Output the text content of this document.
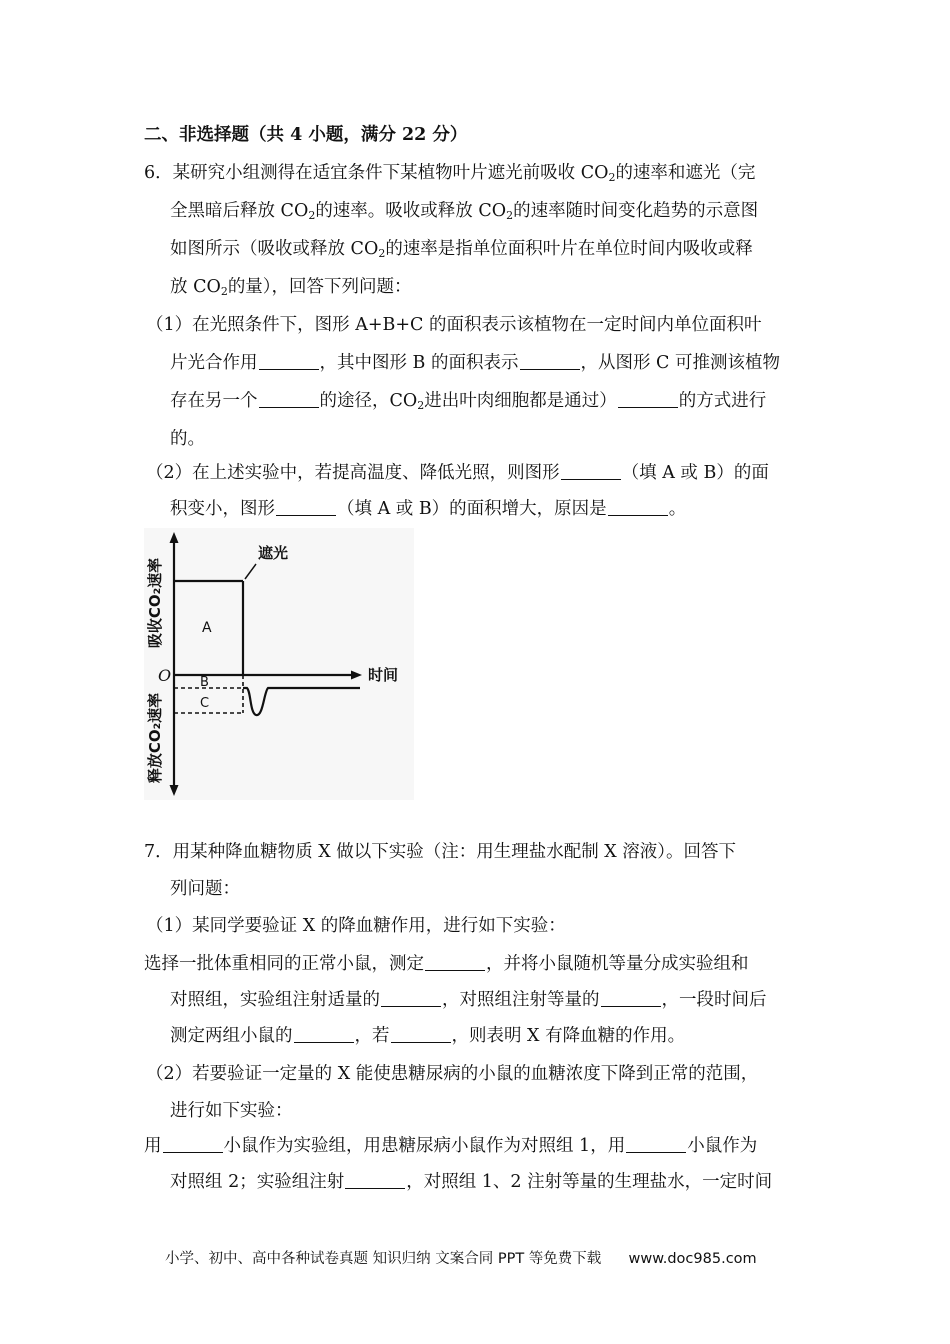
二、非选择题（共 4 小题，满分 22 分）
6．某研究小组测得在适宜条件下某植物叶片遮光前吸收 $CO_2$的速率和遮光（完
全黑暗后释放 $CO_2$的速率。吸收或释放 $CO_2$的速率随时间变化趋势的示意图
如图所示（吸收或释放 $CO_2$的速率是指单位面积叶片在单位时间内吸收或释
放 $CO_2$的量），回答下列问题：
（1）在光照条件下，图形 A+B+C 的面积表示该植物在一定时间内单位面积叶
片光合作用	，其中图形 B 的面积表示	，从图形 C 可推测该植物
存在另一个	的途径，$CO_2$进出叶肉细胞都是通过）	的方式进行
的。
（2）在上述实验中，若提高温度、降低光照，则图形	（填 A 或 B）的面
积变小，图形	（填 A 或 B）的面积增大，原因是	。
吸收CO₂速率
释放CO₂速率
时间
O
遮光
A
B
C
7．用某种降血糖物质 X 做以下实验（注：用生理盐水配制 X 溶液）。回答下
列问题：
（1）某同学要验证 X 的降血糖作用，进行如下实验：
选择一批体重相同的正常小鼠，测定	，并将小鼠随机等量分成实验组和
对照组，实验组注射适量的	，对照组注射等量的	，一段时间后
测定两组小鼠的	，若	，则表明 X 有降血糖的作用。
（2）若要验证一定量的 X 能使患糖尿病的小鼠的血糖浓度下降到正常的范围，
进行如下实验：
用	小鼠作为实验组，用患糖尿病小鼠作为对照组 1，用	小鼠作为
对照组 2；实验组注射	，对照组 1、2 注射等量的生理盐水，一定时间
小学、初中、高中各种试卷真题 知识归纳 文案合同 PPT 等免费下载 www.doc985.com
